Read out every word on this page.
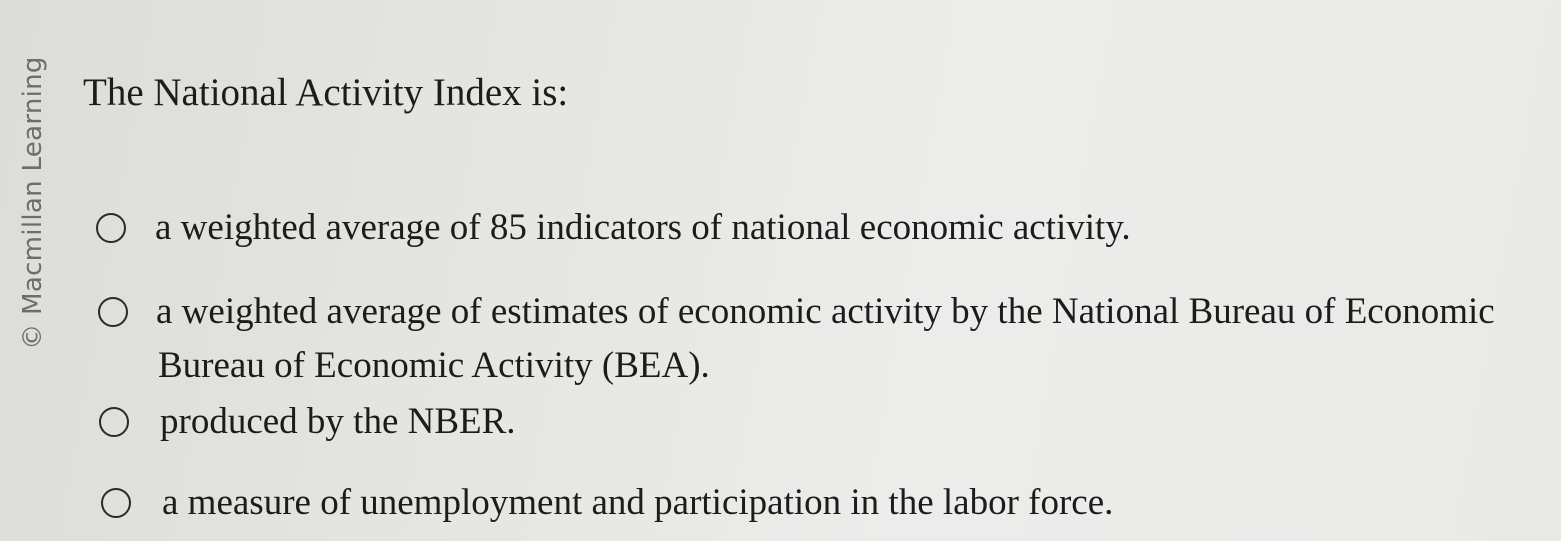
© Macmillan Learning The National Activity Index is:
a weighted average of 85 indicators of national economic activity.
a weighted average of estimates of economic activity by the National Bureau of Economic
Bureau of Economic Activity (BEA).
produced by the NBER.
a measure of unemployment and participation in the labor force.
